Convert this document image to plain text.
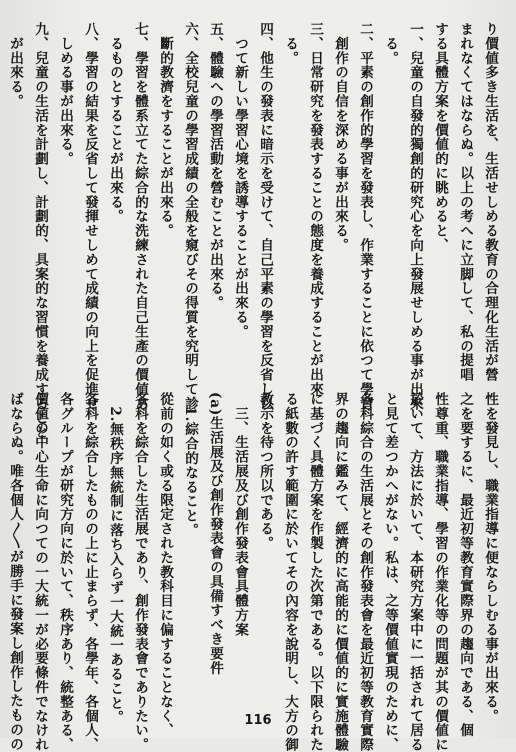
り價値多き生活を、生活せしめる教育の合理化生活が營
まれなくてはならぬ。以上の考へに立脚して、私の提唱
する具體方案を價値的に眺めると、
一、兒童の自發的獨創的研究心を向上發展せしめる事が出來
　る。
二、平素の創作的學習を發表し、作業することに依つて學習
　創作の自信を深める事が出來る。
三、日常研究を發表することの態度を養成することが出來
　る。
四、他生の發表に暗示を受けて、自己平素の學習を反省し以
　つて新しい學習心境を誘導することが出來る。
五、體驗への學習活動を營むことが出來る。
六、全校兒童の學習成績の全般を窺びその得質を究明して診
　斷的教濟をすることが出來る。
七、學習を體系立てた綜合的な洗練された自己生產の價値あ
　るものとすることが出來る。
八、學習の結果を反省して發揮せしめて成績の向上を促進せ
　しめる事が出來る。
九、兒童の生活を計劃し、計劃的、具案的な習慣を養成すること
　が出來る。
性を發見し、職業指導に便ならしむる事が出來る。
之を要するに、最近初等教育實際界の趨向である、個
性尊重、職業指導、學習の作業化等の問題が其の價値に
於いて、方法に於いて、本研究方案中に一括されて居る
と見て差つかへがない。私は、之等價値實現のために、
各科綜合の生活展とその創作發表會を最近初等教育實際
界の趨向に鑑みて、經濟的に高能的に價値的に實施體驗
に基づく具體方案を作製した次第である。以下限られた
る紙數の許す範圍に於いてその內容を說明し、大方の御
教示を待つ所以である。
　三、生活展及び創作發表會具體方案
(a)生活展及び創作發表會の具備すべき要件
　1.綜合的なること。
從前の如く或る限定された教科目に偏することなく、
各科を綜合した生活展であり、創作發表會でありたい。
　2.無秩序無統制に落ち入らず一大統一あること。
各科を綜合したものの上に止まらず、各學年、各個人、
各グループが研究方向に於いて、秩序あり、統整ある、
價値の中心生命に向つての一大統一が必要條件でなけれ
ばならぬ。唯各個人〳〵が勝手に發案し創作したものの	116
